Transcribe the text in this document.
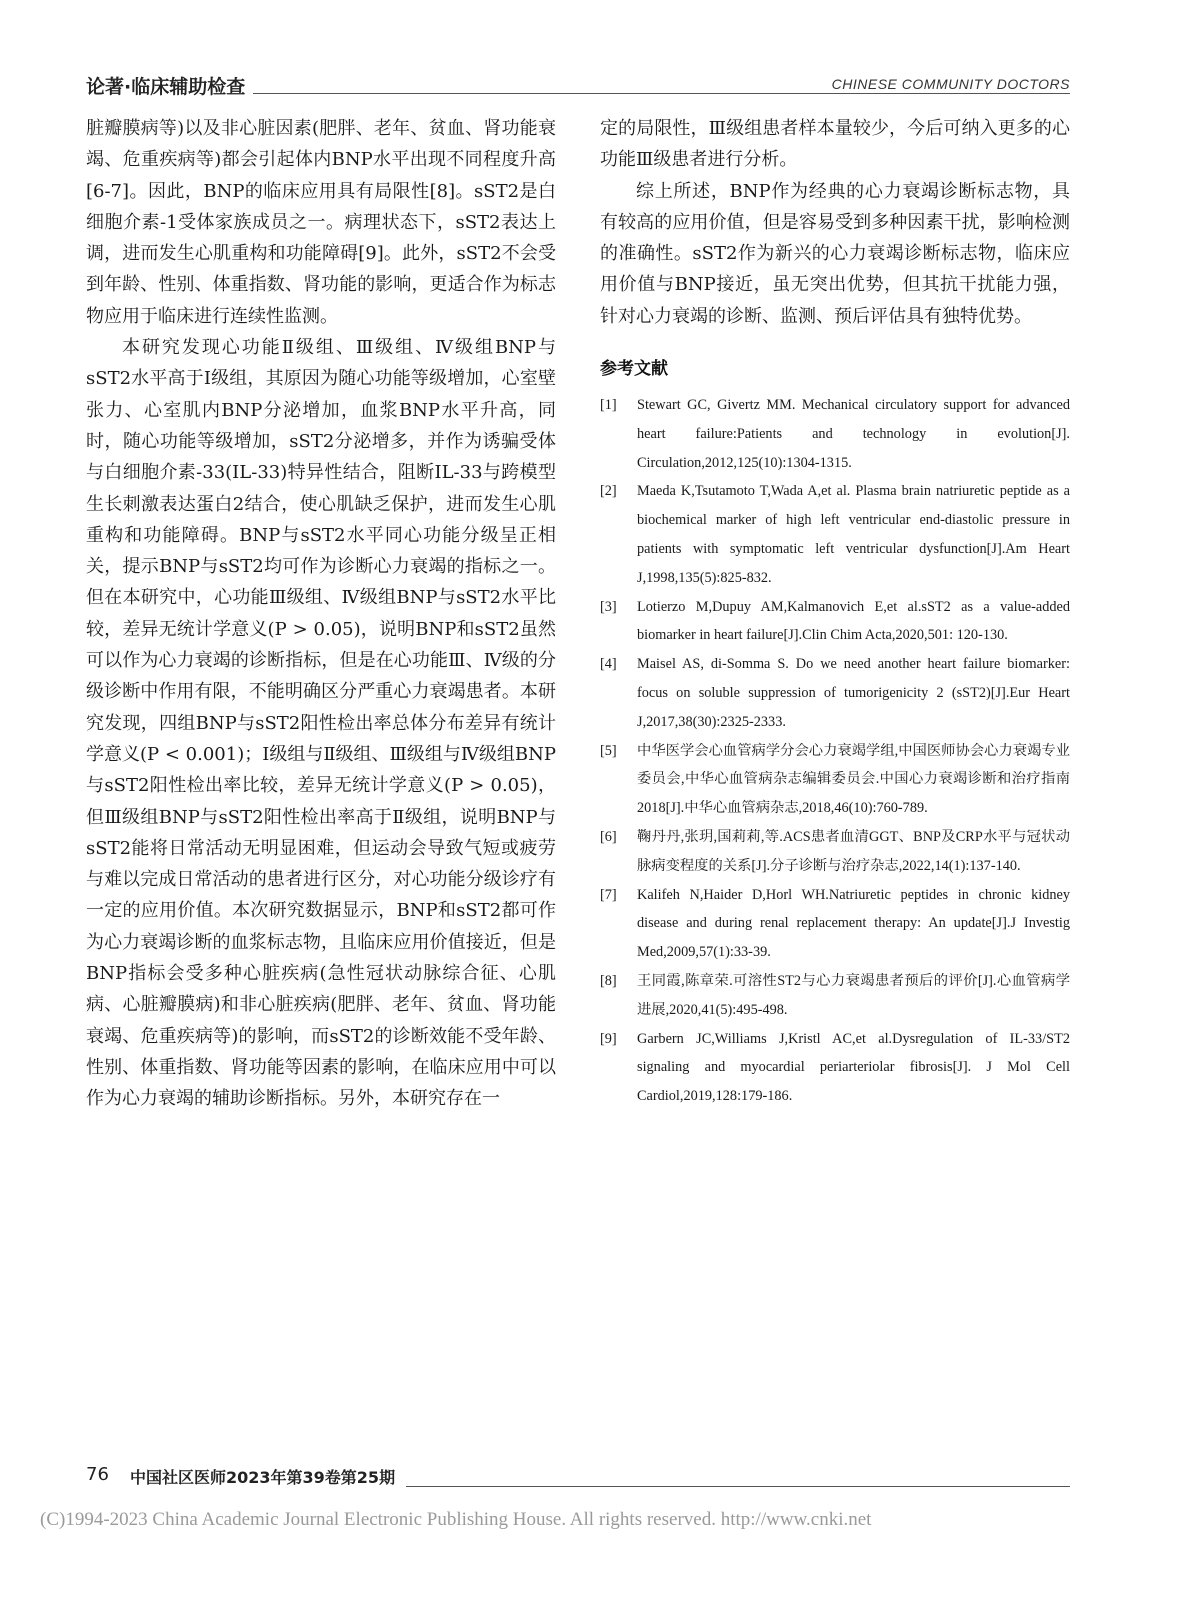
论著·临床辅助检查	CHINESE COMMUNITY DOCTORS

脏瓣膜病等)以及非心脏因素(肥胖、老年、贫血、肾功能衰竭、危重疾病等)都会引起体内BNP水平出现不同程度升高[6-7]。因此，BNP的临床应用具有局限性[8]。sST2是白细胞介素-1受体家族成员之一。病理状态下，sST2表达上调，进而发生心肌重构和功能障碍[9]。此外，sST2不会受到年龄、性别、体重指数、肾功能的影响，更适合作为标志物应用于临床进行连续性监测。

本研究发现心功能Ⅱ级组、Ⅲ级组、Ⅳ级组BNP与sST2水平高于Ⅰ级组，其原因为随心功能等级增加，心室壁张力、心室肌内BNP分泌增加，血浆BNP水平升高，同时，随心功能等级增加，sST2分泌增多，并作为诱骗受体与白细胞介素-33(IL-33)特异性结合，阻断IL-33与跨模型生长刺激表达蛋白2结合，使心肌缺乏保护，进而发生心肌重构和功能障碍。BNP与sST2水平同心功能分级呈正相关，提示BNP与sST2均可作为诊断心力衰竭的指标之一。但在本研究中，心功能Ⅲ级组、Ⅳ级组BNP与sST2水平比较，差异无统计学意义(P > 0.05)，说明BNP和sST2虽然可以作为心力衰竭的诊断指标，但是在心功能Ⅲ、Ⅳ级的分级诊断中作用有限，不能明确区分严重心力衰竭患者。本研究发现，四组BNP与sST2阳性检出率总体分布差异有统计学意义(P < 0.001)；Ⅰ级组与Ⅱ级组、Ⅲ级组与Ⅳ级组BNP与sST2阳性检出率比较，差异无统计学意义(P > 0.05)，但Ⅲ级组BNP与sST2阳性检出率高于Ⅱ级组，说明BNP与sST2能将日常活动无明显困难，但运动会导致气短或疲劳与难以完成日常活动的患者进行区分，对心功能分级诊疗有一定的应用价值。本次研究数据显示，BNP和sST2都可作为心力衰竭诊断的血浆标志物，且临床应用价值接近，但是BNP指标会受多种心脏疾病(急性冠状动脉综合征、心肌病、心脏瓣膜病)和非心脏疾病(肥胖、老年、贫血、肾功能衰竭、危重疾病等)的影响，而sST2的诊断效能不受年龄、性别、体重指数、肾功能等因素的影响，在临床应用中可以作为心力衰竭的辅助诊断指标。另外，本研究存在一

定的局限性，Ⅲ级组患者样本量较少，今后可纳入更多的心功能Ⅲ级患者进行分析。

综上所述，BNP作为经典的心力衰竭诊断标志物，具有较高的应用价值，但是容易受到多种因素干扰，影响检测的准确性。sST2作为新兴的心力衰竭诊断标志物，临床应用价值与BNP接近，虽无突出优势，但其抗干扰能力强，针对心力衰竭的诊断、监测、预后评估具有独特优势。

参考文献
[1]	Stewart GC, Givertz MM. Mechanical circulatory support for advanced heart failure:Patients and technology in evolution[J]. Circulation,2012,125(10):1304-1315.
[2]	Maeda K,Tsutamoto T,Wada A,et al. Plasma brain natriuretic peptide as a biochemical marker of high left ventricular end-diastolic pressure in patients with symptomatic left ventricular dysfunction[J].Am Heart J,1998,135(5):825-832.
[3]	Lotierzo M,Dupuy AM,Kalmanovich E,et al.sST2 as a value-added biomarker in heart failure[J].Clin Chim Acta,2020,501: 120-130.
[4]	Maisel AS, di-Somma S. Do we need another heart failure biomarker: focus on soluble suppression of tumorigenicity 2 (sST2)[J].Eur Heart J,2017,38(30):2325-2333.
[5]	中华医学会心血管病学分会心力衰竭学组,中国医师协会心力衰竭专业委员会,中华心血管病杂志编辑委员会.中国心力衰竭诊断和治疗指南2018[J].中华心血管病杂志,2018,46(10):760-789.
[6]	鞠丹丹,张玥,国莉莉,等.ACS患者血清GGT、BNP及CRP水平与冠状动脉病变程度的关系[J].分子诊断与治疗杂志,2022,14(1):137-140.
[7]	Kalifeh N,Haider D,Horl WH.Natriuretic peptides in chronic kidney disease and during renal replacement therapy: An update[J].J Investig Med,2009,57(1):33-39.
[8]	王同霞,陈章荣.可溶性ST2与心力衰竭患者预后的评价[J].心血管病学进展,2020,41(5):495-498.
[9]	Garbern JC,Williams J,Kristl AC,et al.Dysregulation of IL-33/ST2 signaling and myocardial periarteriolar fibrosis[J]. J Mol Cell Cardiol,2019,128:179-186.
76 中国社区医师2023年第39卷第25期
(C)1994-2023 China Academic Journal Electronic Publishing House. All rights reserved. http://www.cnki.net
